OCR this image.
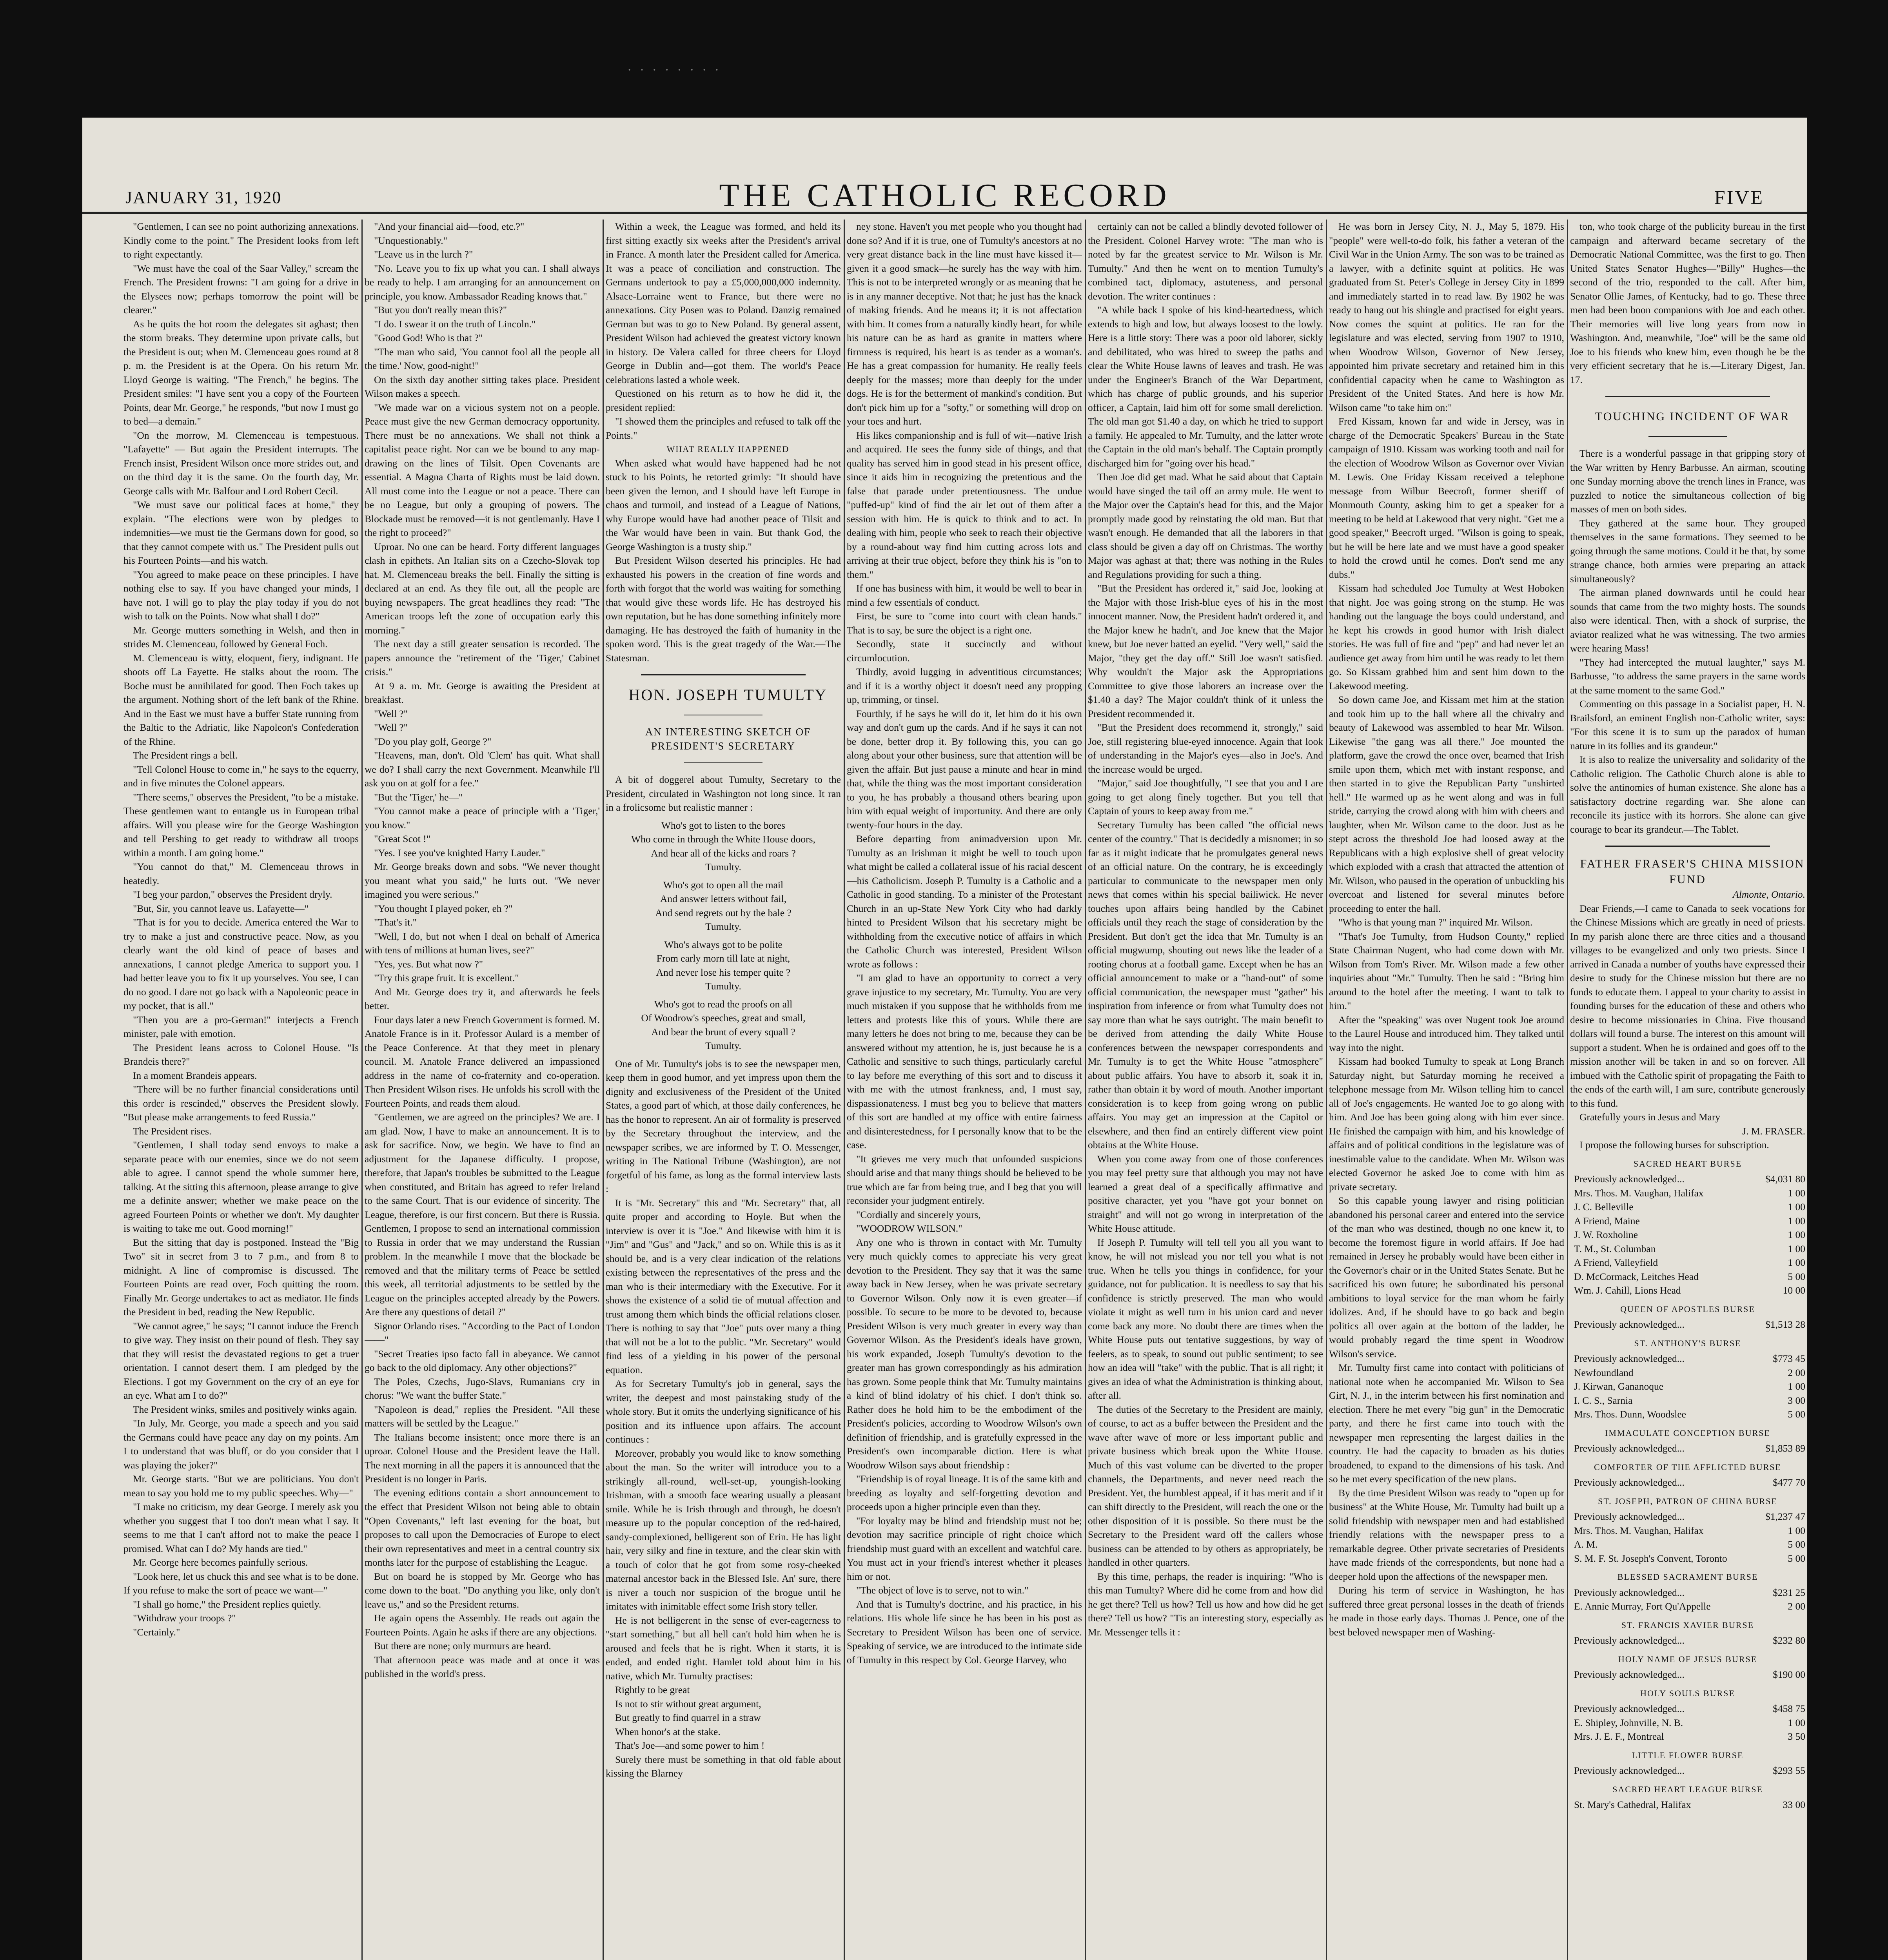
· · · · · · · ·
JANUARY 31, 1920	THE CATHOLIC RECORD	FIVE

"Gentlemen, I can see no point authorizing annexations. Kindly come to the point." The President looks from left to right expectantly.

"We must have the coal of the Saar Valley," scream the French. The President frowns: "I am going for a drive in the Elysees now; perhaps tomorrow the point will be clearer."

As he quits the hot room the delegates sit aghast; then the storm breaks. They determine upon private calls, but the President is out; when M. Clemenceau goes round at 8 p. m. the President is at the Opera. On his return Mr. Lloyd George is waiting. "The French," he begins. The President smiles: "I have sent you a copy of the Fourteen Points, dear Mr. George," he responds, "but now I must go to bed—a demain."

"On the morrow, M. Clemenceau is tempestuous. "Lafayette" — But again the President interrupts. The French insist, President Wilson once more strides out, and on the third day it is the same. On the fourth day, Mr. George calls with Mr. Balfour and Lord Robert Cecil.

"We must save our political faces at home," they explain. "The elections were won by pledges to indemnities—we must tie the Germans down for good, so that they cannot compete with us." The President pulls out his Fourteen Points—and his watch.

"You agreed to make peace on these principles. I have nothing else to say. If you have changed your minds, I have not. I will go to play the play today if you do not wish to talk on the Points. Now what shall I do?"

Mr. George mutters something in Welsh, and then in strides M. Clemenceau, followed by General Foch.

M. Clemenceau is witty, eloquent, fiery, indignant. He shoots off La Fayette. He stalks about the room. The Boche must be annihilated for good. Then Foch takes up the argument. Nothing short of the left bank of the Rhine. And in the East we must have a buffer State running from the Baltic to the Adriatic, like Napoleon's Confederation of the Rhine.

The President rings a bell.

"Tell Colonel House to come in," he says to the equerry, and in five minutes the Colonel appears.

"There seems," observes the President, "to be a mistake. These gentlemen want to entangle us in European tribal affairs. Will you please wire for the George Washington and tell Pershing to get ready to withdraw all troops within a month. I am going home."

"You cannot do that," M. Clemenceau throws in heatedly.

"I beg your pardon," observes the President dryly.

"But, Sir, you cannot leave us. Lafayette—"

"That is for you to decide. America entered the War to try to make a just and constructive peace. Now, as you clearly want the old kind of peace of bases and annexations, I cannot pledge America to support you. I had better leave you to fix it up yourselves. You see, I can do no good. I dare not go back with a Napoleonic peace in my pocket, that is all."

"Then you are a pro-German!" interjects a French minister, pale with emotion.

The President leans across to Colonel House. "Is Brandeis there?"

In a moment Brandeis appears.

"There will be no further financial considerations until this order is rescinded," observes the President slowly. "But please make arrangements to feed Russia."

The President rises.

"Gentlemen, I shall today send envoys to make a separate peace with our enemies, since we do not seem able to agree. I cannot spend the whole summer here, talking. At the sitting this afternoon, please arrange to give me a definite answer; whether we make peace on the agreed Fourteen Points or whether we don't. My daughter is waiting to take me out. Good morning!"

But the sitting that day is postponed. Instead the "Big Two" sit in secret from 3 to 7 p.m., and from 8 to midnight. A line of compromise is discussed. The Fourteen Points are read over, Foch quitting the room. Finally Mr. George undertakes to act as mediator. He finds the President in bed, reading the New Republic.

"We cannot agree," he says; "I cannot induce the French to give way. They insist on their pound of flesh. They say that they will resist the devastated regions to get a truer orientation. I cannot desert them. I am pledged by the Elections. I got my Government on the cry of an eye for an eye. What am I to do?"

The President winks, smiles and positively winks again.

"In July, Mr. George, you made a speech and you said the Germans could have peace any day on my points. Am I to understand that was bluff, or do you consider that I was playing the joker?"

Mr. George starts. "But we are politicians. You don't mean to say you hold me to my public speeches. Why—"

"I make no criticism, my dear George. I merely ask you whether you suggest that I too don't mean what I say. It seems to me that I can't afford not to make the peace I promised. What can I do? My hands are tied."

Mr. George here becomes painfully serious.

"Look here, let us chuck this and see what is to be done. If you refuse to make the sort of peace we want—"

"I shall go home," the President replies quietly.

"Withdraw your troops ?"

"Certainly."

"And your financial aid—food, etc.?"

"Unquestionably."

"Leave us in the lurch ?"

"No. Leave you to fix up what you can. I shall always be ready to help. I am arranging for an announcement on principle, you know. Ambassador Reading knows that."

"But you don't really mean this?"

"I do. I swear it on the truth of Lincoln."

"Good God! Who is that ?"

"The man who said, 'You cannot fool all the people all the time.' Now, good-night!"

On the sixth day another sitting takes place. President Wilson makes a speech.

"We made war on a vicious system not on a people. Peace must give the new German democracy opportunity. There must be no annexations. We shall not think a capitalist peace right. Nor can we be bound to any map-drawing on the lines of Tilsit. Open Covenants are essential. A Magna Charta of Rights must be laid down. All must come into the League or not a peace. There can be no League, but only a grouping of powers. The Blockade must be removed—it is not gentlemanly. Have I the right to proceed?"

Uproar. No one can be heard. Forty different languages clash in epithets. An Italian sits on a Czecho-Slovak top hat. M. Clemenceau breaks the bell. Finally the sitting is declared at an end. As they file out, all the people are buying newspapers. The great headlines they read: "The American troops left the zone of occupation early this morning."

The next day a still greater sensation is recorded. The papers announce the "retirement of the 'Tiger,' Cabinet crisis."

At 9 a. m. Mr. George is awaiting the President at breakfast.

"Well ?"

"Well ?"

"Do you play golf, George ?"

"Heavens, man, don't. Old 'Clem' has quit. What shall we do? I shall carry the next Government. Meanwhile I'll ask you on at golf for a fee."

"But the 'Tiger,' he—"

"You cannot make a peace of principle with a 'Tiger,' you know."

"Great Scot !"

"Yes. I see you've knighted Harry Lauder."

Mr. George breaks down and sobs. "We never thought you meant what you said," he lurts out. "We never imagined you were serious."

"You thought I played poker, eh ?"

"That's it."

"Well, I do, but not when I deal on behalf of America with tens of millions at human lives, see?"

"Yes, yes. But what now ?"

"Try this grape fruit. It is excellent."

And Mr. George does try it, and afterwards he feels better.

Four days later a new French Government is formed. M. Anatole France is in it. Professor Aulard is a member of the Peace Conference. At that they meet in plenary council. M. Anatole France delivered an impassioned address in the name of co-fraternity and co-operation. Then President Wilson rises. He unfolds his scroll with the Fourteen Points, and reads them aloud.

"Gentlemen, we are agreed on the principles? We are. I am glad. Now, I have to make an announcement. It is to ask for sacrifice. Now, we begin. We have to find an adjustment for the Japanese difficulty. I propose, therefore, that Japan's troubles be submitted to the League when constituted, and Britain has agreed to refer Ireland to the same Court. That is our evidence of sincerity. The League, therefore, is our first concern. But there is Russia. Gentlemen, I propose to send an international commission to Russia in order that we may understand the Russian problem. In the meanwhile I move that the blockade be removed and that the military terms of Peace be settled this week, all territorial adjustments to be settled by the League on the principles accepted already by the Powers. Are there any questions of detail ?"

Signor Orlando rises. "According to the Pact of London——"

"Secret Treaties ipso facto fall in abeyance. We cannot go back to the old diplomacy. Any other objections?"

The Poles, Czechs, Jugo-Slavs, Rumanians cry in chorus: "We want the buffer State."

"Napoleon is dead," replies the President. "All these matters will be settled by the League."

The Italians become insistent; once more there is an uproar. Colonel House and the President leave the Hall. The next morning in all the papers it is announced that the President is no longer in Paris.

The evening editions contain a short announcement to the effect that President Wilson not being able to obtain "Open Covenants," left last evening for the boat, but proposes to call upon the Democracies of Europe to elect their own representatives and meet in a central country six months later for the purpose of establishing the League.

But on board he is stopped by Mr. George who has come down to the boat. "Do anything you like, only don't leave us," and so the President returns.

He again opens the Assembly. He reads out again the Fourteen Points. Again he asks if there are any objections.

But there are none; only murmurs are heard.

That afternoon peace was made and at once it was published in the world's press.

Within a week, the League was formed, and held its first sitting exactly six weeks after the President's arrival in France. A month later the President called for America. It was a peace of conciliation and construction. The Germans undertook to pay a £5,000,000,000 indemnity. Alsace-Lorraine went to France, but there were no annexations. City Posen was to Poland. Danzig remained German but was to go to New Poland. By general assent, President Wilson had achieved the greatest victory known in history. De Valera called for three cheers for Lloyd George in Dublin and—got them. The world's Peace celebrations lasted a whole week.

Questioned on his return as to how he did it, the president replied:

"I showed them the principles and refused to talk off the Points."

WHAT REALLY HAPPENED

When asked what would have happened had he not stuck to his Points, he retorted grimly: "It should have been given the lemon, and I should have left Europe in chaos and turmoil, and instead of a League of Nations, why Europe would have had another peace of Tilsit and the War would have been in vain. But thank God, the George Washington is a trusty ship."

But President Wilson deserted his principles. He had exhausted his powers in the creation of fine words and forth with forgot that the world was waiting for something that would give these words life. He has destroyed his own reputation, but he has done something infinitely more damaging. He has destroyed the faith of humanity in the spoken word. This is the great tragedy of the War.—The Statesman.

HON. JOSEPH TUMULTY

AN INTERESTING SKETCH OF PRESIDENT'S SECRETARY

A bit of doggerel about Tumulty, Secretary to the President, circulated in Washington not long since. It ran in a frolicsome but realistic manner :

Who's got to listen to the bores
Who come in through the White House doors,
And hear all of the kicks and roars ?
Tumulty.
Who's got to open all the mail
And answer letters without fail,
And send regrets out by the bale ?
Tumulty.
Who's always got to be polite
From early morn till late at night,
And never lose his temper quite ?
Tumulty.
Who's got to read the proofs on all
Of Woodrow's speeches, great and small,
And bear the brunt of every squall ?
Tumulty.

One of Mr. Tumulty's jobs is to see the newspaper men, keep them in good humor, and yet impress upon them the dignity and exclusiveness of the President of the United States, a good part of which, at those daily conferences, he has the honor to represent. An air of formality is preserved by the Secretary throughout the interview, and the newspaper scribes, we are informed by T. O. Messenger, writing in The National Tribune (Washington), are not forgetful of his fame, as long as the formal interview lasts :

It is "Mr. Secretary" this and "Mr. Secretary" that, all quite proper and according to Hoyle. But when the interview is over it is "Joe." And likewise with him it is "Jim" and "Gus" and "Jack," and so on. While this is as it should be, and is a very clear indication of the relations existing between the representatives of the press and the man who is their intermediary with the Executive. For it shows the existence of a solid tie of mutual affection and trust among them which binds the official relations closer. There is nothing to say that "Joe" puts over many a thing that will not be a lot to the public. "Mr. Secretary" would find less of a yielding in his power of the personal equation.

As for Secretary Tumulty's job in general, says the writer, the deepest and most painstaking study of the whole story. But it omits the underlying significance of his position and its influence upon affairs. The account continues :

Moreover, probably you would like to know something about the man. So the writer will introduce you to a strikingly all-round, well-set-up, youngish-looking Irishman, with a smooth face wearing usually a pleasant smile. While he is Irish through and through, he doesn't measure up to the popular conception of the red-haired, sandy-complexioned, belligerent son of Erin. He has light hair, very silky and fine in texture, and the clear skin with a touch of color that he got from some rosy-cheeked maternal ancestor back in the Blessed Isle. An' sure, there is niver a touch nor suspicion of the brogue until he imitates with inimitable effect some Irish story teller.

He is not belligerent in the sense of ever-eagerness to "start something," but all hell can't hold him when he is aroused and feels that he is right. When it starts, it is ended, and ended right. Hamlet told about him in his native, which Mr. Tumulty practises:

Rightly to be great

Is not to stir without great argument,

But greatly to find quarrel in a straw

When honor's at the stake.

That's Joe—and some power to him !

Surely there must be something in that old fable about kissing the Blarney

ney stone. Haven't you met people who you thought had done so? And if it is true, one of Tumulty's ancestors at no very great distance back in the line must have kissed it—given it a good smack—he surely has the way with him. This is not to be interpreted wrongly or as meaning that he is in any manner deceptive. Not that; he just has the knack of making friends. And he means it; it is not affectation with him. It comes from a naturally kindly heart, for while his nature can be as hard as granite in matters where firmness is required, his heart is as tender as a woman's. He has a great compassion for humanity. He really feels deeply for the masses; more than deeply for the under dogs. He is for the betterment of mankind's condition. But don't pick him up for a "softy," or something will drop on your toes and hurt.

His likes companionship and is full of wit—native Irish and acquired. He sees the funny side of things, and that quality has served him in good stead in his present office, since it aids him in recognizing the pretentious and the false that parade under pretentiousness. The undue "puffed-up" kind of find the air let out of them after a session with him. He is quick to think and to act. In dealing with him, people who seek to reach their objective by a round-about way find him cutting across lots and arriving at their true object, before they think his is "on to them."

If one has business with him, it would be well to bear in mind a few essentials of conduct.

First, be sure to "come into court with clean hands." That is to say, be sure the object is a right one.

Secondly, state it succinctly and without circumlocution.

Thirdly, avoid lugging in adventitious circumstances; and if it is a worthy object it doesn't need any propping up, trimming, or tinsel.

Fourthly, if he says he will do it, let him do it his own way and don't gum up the cards. And if he says it can not be done, better drop it. By following this, you can go along about your other business, sure that attention will be given the affair. But just pause a minute and hear in mind that, while the thing was the most important consideration to you, he has probably a thousand others bearing upon him with equal weight of importunity. And there are only twenty-four hours in the day.

Before departing from animadversion upon Mr. Tumulty as an Irishman it might be well to touch upon what might be called a collateral issue of his racial descent—his Catholicism. Joseph P. Tumulty is a Catholic and a Catholic in good standing. To a minister of the Protestant Church in an up-State New York City who had darkly hinted to President Wilson that his secretary might be withholding from the executive notice of affairs in which the Catholic Church was interested, President Wilson wrote as follows :

"I am glad to have an opportunity to correct a very grave injustice to my secretary, Mr. Tumulty. You are very much mistaken if you suppose that he withholds from me letters and protests like this of yours. While there are many letters he does not bring to me, because they can be answered without my attention, he is, just because he is a Catholic and sensitive to such things, particularly careful to lay before me everything of this sort and to discuss it with me with the utmost frankness, and, I must say, dispassionateness. I must beg you to believe that matters of this sort are handled at my office with entire fairness and disinterestedness, for I personally know that to be the case.

"It grieves me very much that unfounded suspicions should arise and that many things should be believed to be true which are far from being true, and I beg that you will reconsider your judgment entirely.

"Cordially and sincerely yours,

"WOODROW WILSON."

Any one who is thrown in contact with Mr. Tumulty very much quickly comes to appreciate his very great devotion to the President. They say that it was the same away back in New Jersey, when he was private secretary to Governor Wilson. Only now it is even greater—if possible. To secure to be more to be devoted to, because President Wilson is very much greater in every way than Governor Wilson. As the President's ideals have grown, his work expanded, Joseph Tumulty's devotion to the greater man has grown correspondingly as his admiration has grown. Some people think that Mr. Tumulty maintains a kind of blind idolatry of his chief. I don't think so. Rather does he hold him to be the embodiment of the President's policies, according to Woodrow Wilson's own definition of friendship, and is gratefully expressed in the President's own incomparable diction. Here is what Woodrow Wilson says about friendship :

"Friendship is of royal lineage. It is of the same kith and breeding as loyalty and self-forgetting devotion and proceeds upon a higher principle even than they.

"For loyalty may be blind and friendship must not be; devotion may sacrifice principle of right choice which friendship must guard with an excellent and watchful care. You must act in your friend's interest whether it pleases him or not.

"The object of love is to serve, not to win."

And that is Tumulty's doctrine, and his practice, in his relations. His whole life since he has been in his post as Secretary to President Wilson has been one of service. Speaking of service, we are introduced to the intimate side of Tumulty in this respect by Col. George Harvey, who

certainly can not be called a blindly devoted follower of the President. Colonel Harvey wrote: "The man who is noted by far the greatest service to Mr. Wilson is Mr. Tumulty." And then he went on to mention Tumulty's combined tact, diplomacy, astuteness, and personal devotion. The writer continues :

"A while back I spoke of his kind-heartedness, which extends to high and low, but always loosest to the lowly. Here is a little story: There was a poor old laborer, sickly and debilitated, who was hired to sweep the paths and clear the White House lawns of leaves and trash. He was under the Engineer's Branch of the War Department, which has charge of public grounds, and his superior officer, a Captain, laid him off for some small dereliction. The old man got $1.40 a day, on which he tried to support a family. He appealed to Mr. Tumulty, and the latter wrote the Captain in the old man's behalf. The Captain promptly discharged him for "going over his head."

Then Joe did get mad. What he said about that Captain would have singed the tail off an army mule. He went to the Major over the Captain's head for this, and the Major promptly made good by reinstating the old man. But that wasn't enough. He demanded that all the laborers in that class should be given a day off on Christmas. The worthy Major was aghast at that; there was nothing in the Rules and Regulations providing for such a thing.

"But the President has ordered it," said Joe, looking at the Major with those Irish-blue eyes of his in the most innocent manner. Now, the President hadn't ordered it, and the Major knew he hadn't, and Joe knew that the Major knew, but Joe never batted an eyelid. "Very well," said the Major, "they get the day off." Still Joe wasn't satisfied. Why wouldn't the Major ask the Appropriations Committee to give those laborers an increase over the $1.40 a day? The Major couldn't think of it unless the President recommended it.

"But the President does recommend it, strongly," said Joe, still registering blue-eyed innocence. Again that look of understanding in the Major's eyes—also in Joe's. And the increase would be urged.

"Major," said Joe thoughtfully, "I see that you and I are going to get along finely together. But you tell that Captain of yours to keep away from me."

Secretary Tumulty has been called "the official news center of the country." That is decidedly a misnomer; in so far as it might indicate that he promulgates general news of an official nature. On the contrary, he is exceedingly particular to communicate to the newspaper men only news that comes within his special bailiwick. He never touches upon affairs being handled by the Cabinet officials until they reach the stage of consideration by the President. But don't get the idea that Mr. Tumulty is an official mugwump, shouting out news like the leader of a rooting chorus at a football game. Except when he has an official announcement to make or a "hand-out" of some official communication, the newspaper must "gather" his inspiration from inference or from what Tumulty does not say more than what he says outright. The main benefit to be derived from attending the daily White House conferences between the newspaper correspondents and Mr. Tumulty is to get the White House "atmosphere" about public affairs. You have to absorb it, soak it in, rather than obtain it by word of mouth. Another important consideration is to keep from going wrong on public affairs. You may get an impression at the Capitol or elsewhere, and then find an entirely different view point obtains at the White House.

When you come away from one of those conferences you may feel pretty sure that although you may not have learned a great deal of a specifically affirmative and positive character, yet you "have got your bonnet on straight" and will not go wrong in interpretation of the White House attitude.

If Joseph P. Tumulty will tell tell you all you want to know, he will not mislead you nor tell you what is not true. When he tells you things in confidence, for your guidance, not for publication. It is needless to say that his confidence is strictly preserved. The man who would violate it might as well turn in his union card and never come back any more. No doubt there are times when the White House puts out tentative suggestions, by way of feelers, as to speak, to sound out public sentiment; to see how an idea will "take" with the public. That is all right; it gives an idea of what the Administration is thinking about, after all.

The duties of the Secretary to the President are mainly, of course, to act as a buffer between the President and the wave after wave of more or less important public and private business which break upon the White House. Much of this vast volume can be diverted to the proper channels, the Departments, and never need reach the President. Yet, the humblest appeal, if it has merit and if it can shift directly to the President, will reach the one or the other disposition of it is possible. So there must be the Secretary to the President ward off the callers whose business can be attended to by others as appropriately, be handled in other quarters.

By this time, perhaps, the reader is inquiring: "Who is this man Tumulty? Where did he come from and how did he get there? Tell us how? Tell us how and how did he get there? Tell us how? "Tis an interesting story, especially as Mr. Messenger tells it :

He was born in Jersey City, N. J., May 5, 1879. His "people" were well-to-do folk, his father a veteran of the Civil War in the Union Army. The son was to be trained as a lawyer, with a definite squint at politics. He was graduated from St. Peter's College in Jersey City in 1899 and immediately started in to read law. By 1902 he was ready to hang out his shingle and practised for eight years. Now comes the squint at politics. He ran for the legislature and was elected, serving from 1907 to 1910, when Woodrow Wilson, Governor of New Jersey, appointed him private secretary and retained him in this confidential capacity when he came to Washington as President of the United States. And here is how Mr. Wilson came "to take him on:"

Fred Kissam, known far and wide in Jersey, was in charge of the Democratic Speakers' Bureau in the State campaign of 1910. Kissam was working tooth and nail for the election of Woodrow Wilson as Governor over Vivian M. Lewis. One Friday Kissam received a telephone message from Wilbur Beecroft, former sheriff of Monmouth County, asking him to get a speaker for a meeting to be held at Lakewood that very night. "Get me a good speaker," Beecroft urged. "Wilson is going to speak, but he will be here late and we must have a good speaker to hold the crowd until he comes. Don't send me any dubs."

Kissam had scheduled Joe Tumulty at West Hoboken that night. Joe was going strong on the stump. He was handing out the language the boys could understand, and he kept his crowds in good humor with Irish dialect stories. He was full of fire and "pep" and had never let an audience get away from him until he was ready to let them go. So Kissam grabbed him and sent him down to the Lakewood meeting.

So down came Joe, and Kissam met him at the station and took him up to the hall where all the chivalry and beauty of Lakewood was assembled to hear Mr. Wilson. Likewise "the gang was all there." Joe mounted the platform, gave the crowd the once over, beamed that Irish smile upon them, which met with instant response, and then started in to give the Republican Party "unshirted hell." He warmed up as he went along and was in full stride, carrying the crowd along with him with cheers and laughter, when Mr. Wilson came to the door. Just as he stept across the threshold Joe had loosed away at the Republicans with a high explosive shell of great velocity which exploded with a crash that attracted the attention of Mr. Wilson, who paused in the operation of unbuckling his overcoat and listened for several minutes before proceeding to enter the hall.

"Who is that young man ?" inquired Mr. Wilson.

"That's Joe Tumulty, from Hudson County," replied State Chairman Nugent, who had come down with Mr. Wilson from Tom's River. Mr. Wilson made a few other inquiries about "Mr." Tumulty. Then he said : "Bring him around to the hotel after the meeting. I want to talk to him."

After the "speaking" was over Nugent took Joe around to the Laurel House and introduced him. They talked until way into the night.

Kissam had booked Tumulty to speak at Long Branch Saturday night, but Saturday morning he received a telephone message from Mr. Wilson telling him to cancel all of Joe's engagements. He wanted Joe to go along with him. And Joe has been going along with him ever since. He finished the campaign with him, and his knowledge of affairs and of political conditions in the legislature was of inestimable value to the candidate. When Mr. Wilson was elected Governor he asked Joe to come with him as private secretary.

So this capable young lawyer and rising politician abandoned his personal career and entered into the service of the man who was destined, though no one knew it, to become the foremost figure in world affairs. If Joe had remained in Jersey he probably would have been either in the Governor's chair or in the United States Senate. But he sacrificed his own future; he subordinated his personal ambitions to loyal service for the man whom he fairly idolizes. And, if he should have to go back and begin politics all over again at the bottom of the ladder, he would probably regard the time spent in Woodrow Wilson's service.

Mr. Tumulty first came into contact with politicians of national note when he accompanied Mr. Wilson to Sea Girt, N. J., in the interim between his first nomination and election. There he met every "big gun" in the Democratic party, and there he first came into touch with the newspaper men representing the largest dailies in the country. He had the capacity to broaden as his duties broadened, to expand to the dimensions of his task. And so he met every specification of the new plans.

By the time President Wilson was ready to "open up for business" at the White House, Mr. Tumulty had built up a solid friendship with newspaper men and had established friendly relations with the newspaper press to a remarkable degree. Other private secretaries of Presidents have made friends of the correspondents, but none had a deeper hold upon the affections of the newspaper men.

During his term of service in Washington, he has suffered three great personal losses in the death of friends he made in those early days. Thomas J. Pence, one of the best beloved newspaper men of Washing-

ton, who took charge of the publicity bureau in the first campaign and afterward became secretary of the Democratic National Committee, was the first to go. Then United States Senator Hughes—"Billy" Hughes—the second of the trio, responded to the call. After him, Senator Ollie James, of Kentucky, had to go. These three men had been boon companions with Joe and each other. Their memories will live long years from now in Washington. And, meanwhile, "Joe" will be the same old Joe to his friends who knew him, even though he be the very efficient secretary that he is.—Literary Digest, Jan. 17.

TOUCHING INCIDENT OF WAR

There is a wonderful passage in that gripping story of the War written by Henry Barbusse. An airman, scouting one Sunday morning above the trench lines in France, was puzzled to notice the simultaneous collection of big masses of men on both sides.

They gathered at the same hour. They grouped themselves in the same formations. They seemed to be going through the same motions. Could it be that, by some strange chance, both armies were preparing an attack simultaneously?

The airman planed downwards until he could hear sounds that came from the two mighty hosts. The sounds also were identical. Then, with a shock of surprise, the aviator realized what he was witnessing. The two armies were hearing Mass!

"They had intercepted the mutual laughter," says M. Barbusse, "to address the same prayers in the same words at the same moment to the same God."

Commenting on this passage in a Socialist paper, H. N. Brailsford, an eminent English non-Catholic writer, says: "For this scene it is to sum up the paradox of human nature in its follies and its grandeur."

It is also to realize the universality and solidarity of the Catholic religion. The Catholic Church alone is able to solve the antinomies of human existence. She alone has a satisfactory doctrine regarding war. She alone can reconcile its justice with its horrors. She alone can give courage to bear its grandeur.—The Tablet.

FATHER FRASER'S CHINA MISSION FUND

Almonte, Ontario.

Dear Friends,—I came to Canada to seek vocations for the Chinese Missions which are greatly in need of priests. In my parish alone there are three cities and a thousand villages to be evangelized and only two priests. Since I arrived in Canada a number of youths have expressed their desire to study for the Chinese mission but there are no funds to educate them. I appeal to your charity to assist in founding burses for the education of these and others who desire to become missionaries in China. Five thousand dollars will found a burse. The interest on this amount will support a student. When he is ordained and goes off to the mission another will be taken in and so on forever. All imbued with the Catholic spirit of propagating the Faith to the ends of the earth will, I am sure, contribute generously to this fund.

Gratefully yours in Jesus and Mary

J. M. FRASER.

I propose the following burses for subscription.

SACRED HEART BURSE
Previously acknowledged...	$4,031 80
Mrs. Thos. M. Vaughan, Halifax	1 00
J. C. Belleville	1 00
A Friend, Maine	1 00
J. W. Roxholine	1 00
T. M., St. Columban	1 00
A Friend, Valleyfield	1 00
D. McCormack, Leitches Head	5 00
Wm. J. Cahill, Lions Head	10 00
QUEEN OF APOSTLES BURSE
Previously acknowledged...	$1,513 28
ST. ANTHONY'S BURSE
Previously acknowledged...	$773 45
Newfoundland	2 00
J. Kirwan, Gananoque	1 00
I. C. S., Sarnia	3 00
Mrs. Thos. Dunn, Woodslee	5 00
IMMACULATE CONCEPTION BURSE
Previously acknowledged...	$1,853 89
COMFORTER OF THE AFFLICTED BURSE
Previously acknowledged...	$477 70
ST. JOSEPH, PATRON OF CHINA BURSE
Previously acknowledged...	$1,237 47
Mrs. Thos. M. Vaughan, Halifax	1 00
A. M.	5 00
S. M. F. St. Joseph's Convent, Toronto	5 00
BLESSED SACRAMENT BURSE
Previously acknowledged...	$231 25
E. Annie Murray, Fort Qu'Appelle	2 00
ST. FRANCIS XAVIER BURSE
Previously acknowledged...	$232 80
HOLY NAME OF JESUS BURSE
Previously acknowledged...	$190 00
HOLY SOULS BURSE
Previously acknowledged...	$458 75
E. Shipley, Johnville, N. B.	1 00
Mrs. J. E. F., Montreal	3 50
LITTLE FLOWER BURSE
Previously acknowledged...	$293 55
SACRED HEART LEAGUE BURSE
St. Mary's Cathedral, Halifax	33 00
